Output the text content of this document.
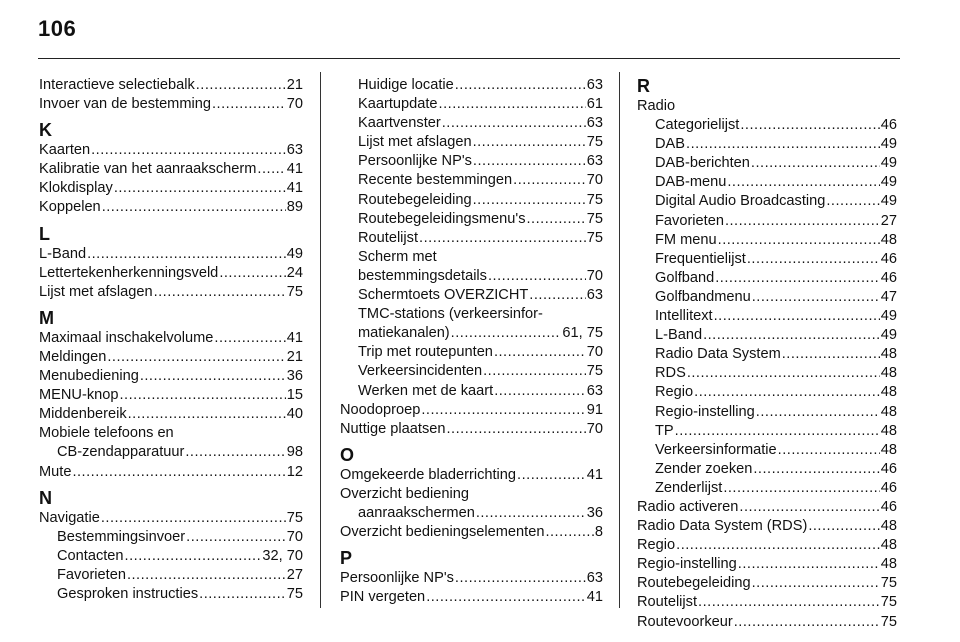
106
Interactieve selectiebalk .....	21
Invoer van de bestemming .....	70
K
Kaarten .....	63
Kalibratie van het aanraakscherm ..... 41
Klokdisplay .....	41
Koppelen .....	89
L
L-Band .....	49
Lettertekenherkenningsveld .....	24
Lijst met afslagen .....	75
M
Maximaal inschakelvolume .....	41
Meldingen .....	21
Menubediening .....	36
MENU-knop .....	15
Middenbereik .....	40
Mobiele telefoons en
CB-zendapparatuur .....	98
Mute .....	12
N
Navigatie .....	75
Bestemmingsinvoer .....	70
Contacten .....	32, 70
Favorieten .....	27
Gesproken instructies .....	75
Huidige locatie .....	63
Kaartupdate .....	61
Kaartvenster .....	63
Lijst met afslagen .....	75
Persoonlijke NP's .....	63
Recente bestemmingen .....	70
Routebegeleiding .....	75
Routebegeleidingsmenu's .....	75
Routelijst .....	75
Scherm met
bestemmingsdetails .....	70
Schermtoets OVERZICHT .....	63
TMC-stations (verkeersinfor-
matiekanalen) .....	61, 75
Trip met routepunten .....	70
Verkeersincidenten .....	75
Werken met de kaart .....	63
Noodoproep .....	91
Nuttige plaatsen .....	70
O
Omgekeerde bladerrichting .....	41
Overzicht bediening
aanraakschermen .....	36
Overzicht bedieningselementen .....	8
P
Persoonlijke NP's .....	63
PIN vergeten .....	41
R
Radio
Categorielijst .....	46
DAB .....	49
DAB-berichten .....	49
DAB-menu .....	49
Digital Audio Broadcasting .....	49
Favorieten .....	27
FM menu .....	48
Frequentielijst .....	46
Golfband .....	46
Golfbandmenu .....	47
Intellitext .....	49
L-Band .....	49
Radio Data System .....	48
RDS .....	48
Regio .....	48
Regio-instelling .....	48
TP .....	48
Verkeersinformatie .....	48
Zender zoeken .....	46
Zenderlijst .....	46
Radio activeren .....	46
Radio Data System (RDS) .....	48
Regio .....	48
Regio-instelling .....	48
Routebegeleiding .....	75
Routelijst .....	75
Routevoorkeur .....	75
